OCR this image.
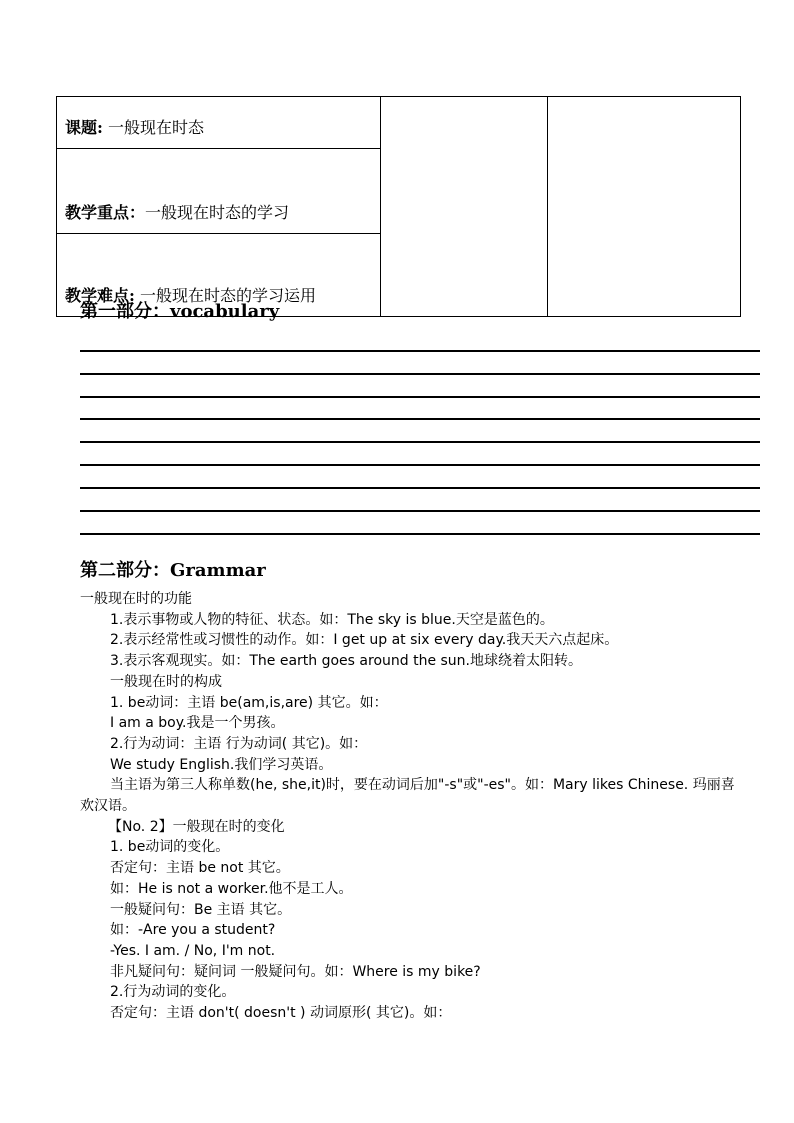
课题: 一般现在时态		
教学重点：一般现在时态的学习
教学难点: 一般现在时态的学习运用
第一部分：vocabulary
第二部分：Grammar
一般现在时的功能
1.表示事物或人物的特征、状态。如：The sky is blue.天空是蓝色的。
2.表示经常性或习惯性的动作。如：I get up at six every day.我天天六点起床。
3.表示客观现实。如：The earth goes around the sun.地球绕着太阳转。
一般现在时的构成
1. be动词：主语 be(am,is,are) 其它。如：
I am a boy.我是一个男孩。
2.行为动词：主语 行为动词( 其它)。如：
We study English.我们学习英语。
当主语为第三人称单数(he, she,it)时，要在动词后加"-s"或"-es"。如：Mary likes Chinese. 玛丽喜欢汉语。
【No. 2】一般现在时的变化
1. be动词的变化。
否定句：主语 be not 其它。
如：He is not a worker.他不是工人。
一般疑问句：Be 主语 其它。
如：-Are you a student?
-Yes. I am. / No, I'm not.
非凡疑问句：疑问词 一般疑问句。如：Where is my bike?
2.行为动词的变化。
否定句：主语 don't( doesn't ) 动词原形( 其它)。如：
